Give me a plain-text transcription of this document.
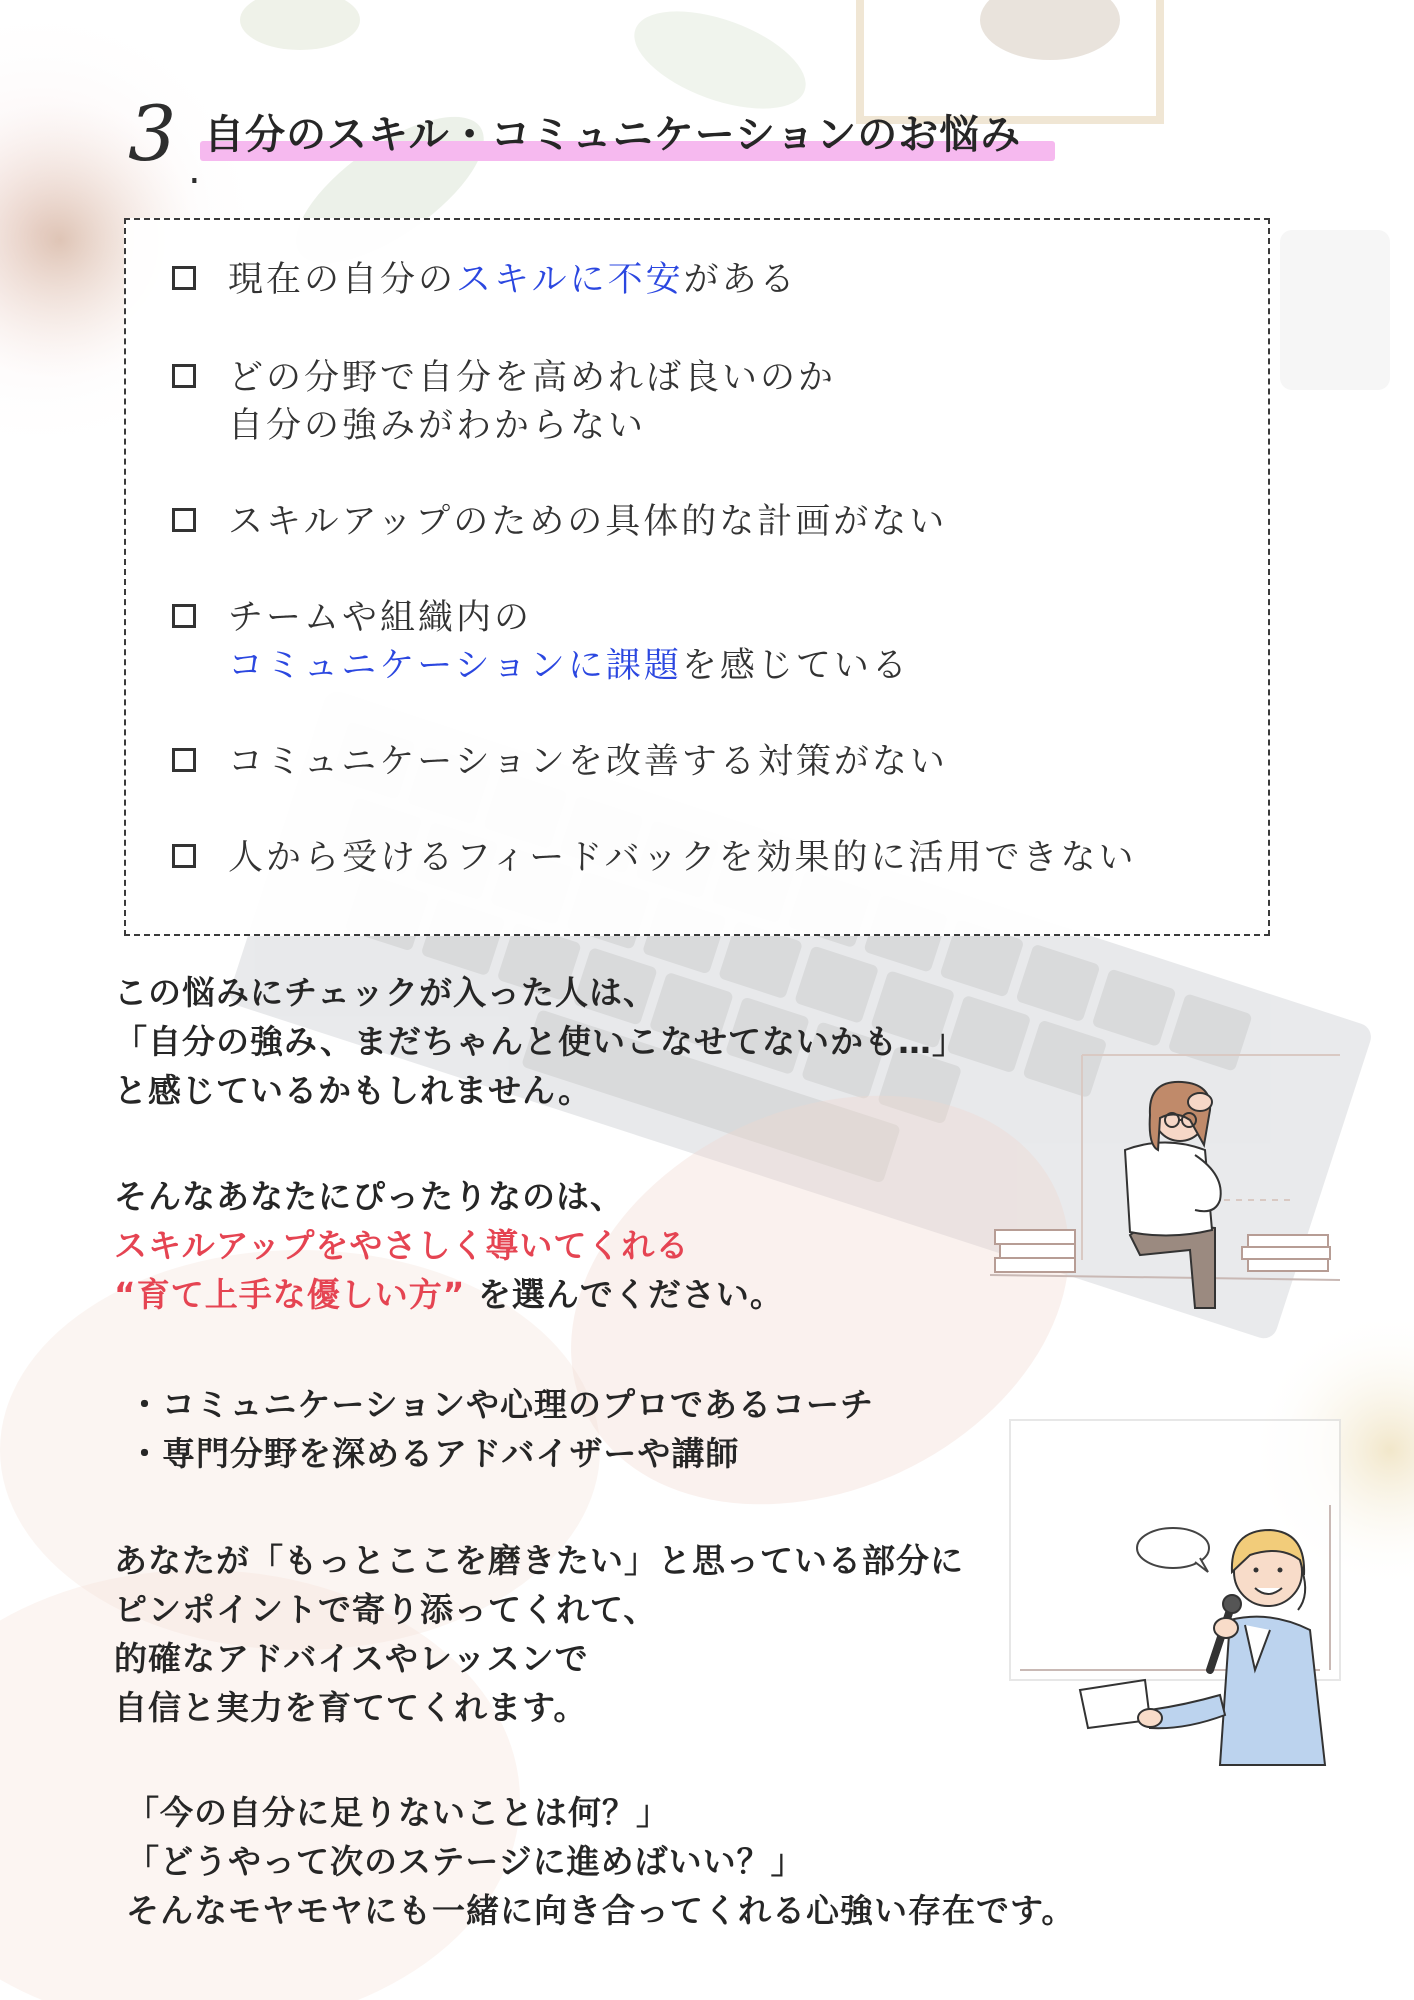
3 .
自分のスキル・コミュニケーションのお悩み
現在の自分のスキルに不安がある
どの分野で自分を高めれば良いのか
自分の強みがわからない
スキルアップのための具体的な計画がない
チームや組織内の
コミュニケーションに課題を感じている
コミュニケーションを改善する対策がない
人から受けるフィードバックを効果的に活用できない
この悩みにチェックが入った人は、
「自分の強み、まだちゃんと使いこなせてないかも…」
と感じているかもしれません。
そんなあなたにぴったりなのは、
スキルアップをやさしく導いてくれる
“育て上手な優しい方” を選んでください。
・コミュニケーションや心理のプロであるコーチ
・専門分野を深めるアドバイザーや講師
あなたが「もっとここを磨きたい」と思っている部分に
ピンポイントで寄り添ってくれて、
的確なアドバイスやレッスンで
自信と実力を育ててくれます。
「今の自分に足りないことは何？」
「どうやって次のステージに進めばいい？」
そんなモヤモヤにも一緒に向き合ってくれる心強い存在です。
